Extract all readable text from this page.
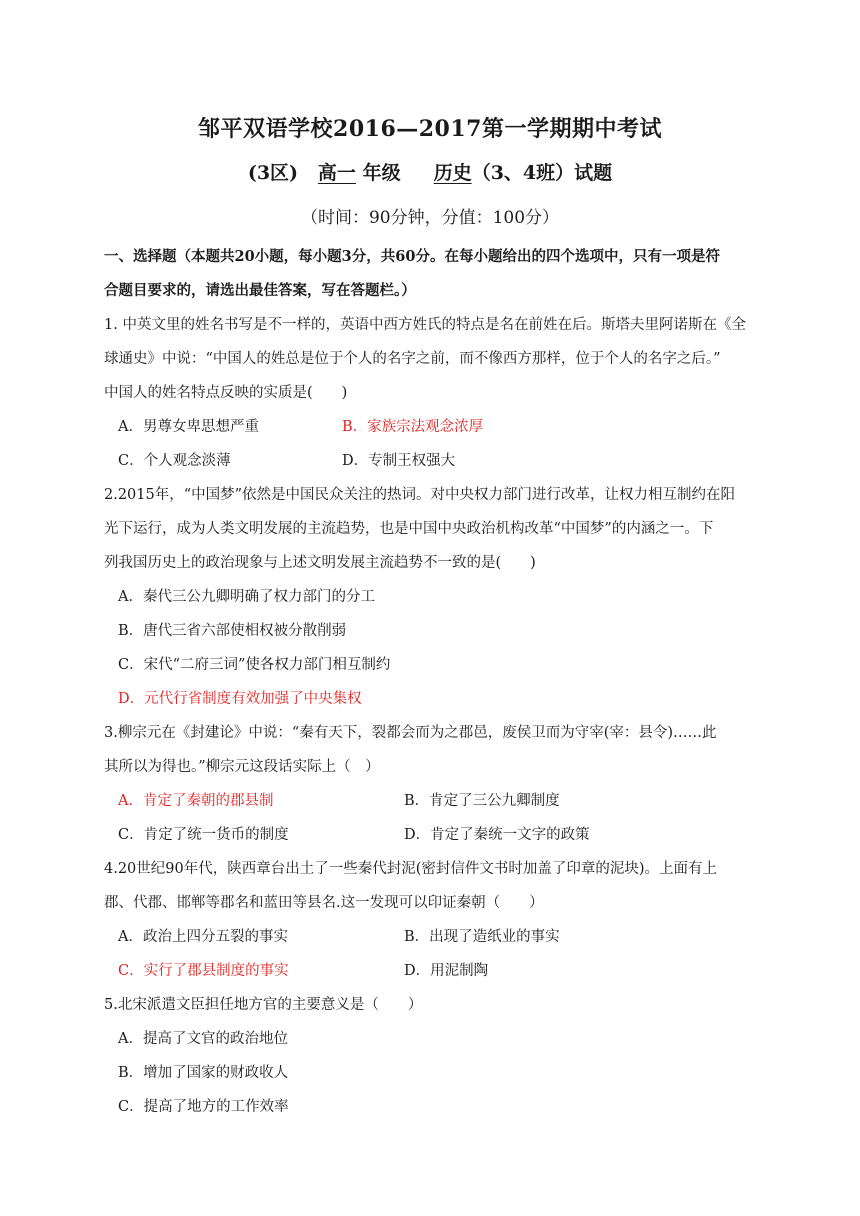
邹平双语学校2016—2017第一学期期中考试
(3区) 高一 年级 历史（3、4班）试题
（时间：90分钟，分值：100分）
一、选择题（本题共20小题，每小题3分，共60分。在每小题给出的四个选项中，只有一项是符
合题目要求的，请选出最佳答案，写在答题栏。）
1. 中英文里的姓名书写是不一样的，英语中西方姓氏的特点是名在前姓在后。斯塔夫里阿诺斯在《全
球通史》中说：“中国人的姓总是位于个人的名字之前，而不像西方那样，位于个人的名字之后。”
中国人的姓名特点反映的实质是(　　)
A．男尊女卑思想严重	B．家族宗法观念浓厚
C．个人观念淡薄	D．专制王权强大
2.2015年，“中国梦”依然是中国民众关注的热词。对中央权力部门进行改革，让权力相互制约在阳
光下运行，成为人类文明发展的主流趋势，也是中国中央政治机构改革“中国梦”的内涵之一。下
列我国历史上的政治现象与上述文明发展主流趋势不一致的是(　　)
A．秦代三公九卿明确了权力部门的分工
B．唐代三省六部使相权被分散削弱
C．宋代“二府三词”使各权力部门相互制约
D．元代行省制度有效加强了中央集权
3.柳宗元在《封建论》中说：“秦有天下，裂都会而为之郡邑，废侯卫而为守宰(宰：县令)……此
其所以为得也。”柳宗元这段话实际上（　）
A．肯定了秦朝的郡县制	B．肯定了三公九卿制度
C．肯定了统一货币的制度	D．肯定了秦统一文字的政策
4.20世纪90年代，陕西章台出土了一些秦代封泥(密封信件文书时加盖了印章的泥块)。上面有上
郡、代郡、邯郸等郡名和蓝田等县名.这一发现可以印证秦朝（　　）
A．政治上四分五裂的事实	B．出现了造纸业的事实
C．实行了郡县制度的事实	D．用泥制陶
5.北宋派遣文臣担任地方官的主要意义是（　　）
A．提高了文官的政治地位
B．增加了国家的财政收人
C．提高了地方的工作效率
